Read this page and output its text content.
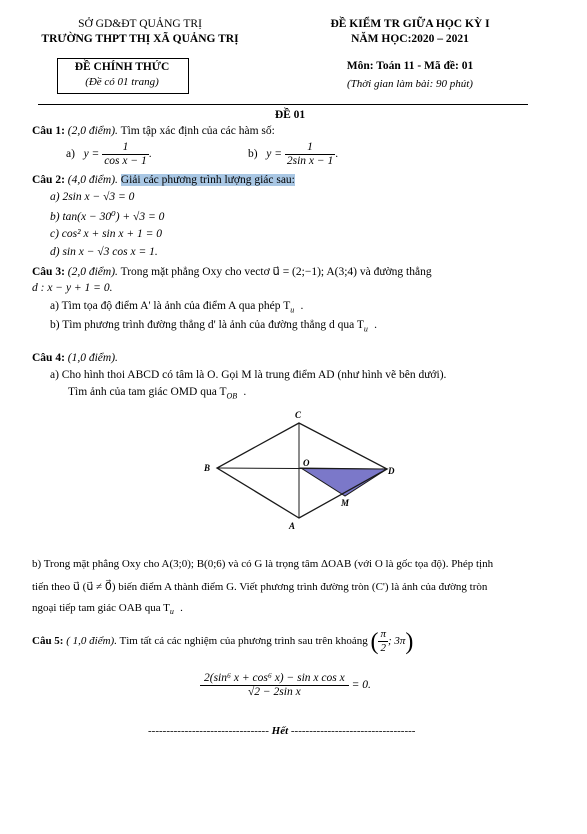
SỞ GD&ĐT QUẢNG TRỊ
TRƯỜNG THPT THỊ XÃ QUẢNG TRỊ
ĐỀ KIỂM TR GIỮA HỌC KỲ I
NĂM HỌC:2020 – 2021
ĐỀ CHÍNH THỨC
(Đề có 01 trang)
Môn: Toán 11 - Mã đề: 01
(Thời gian làm bài: 90 phút)
ĐỀ 01
Câu 1: (2,0 điểm). Tìm tập xác định của các hàm số:
a) $y = \frac{1}{\text{cos x − 1}}$ .	b) $y = \frac{1}{\text{2sin x − 1}}$ .
Câu 2: (4,0 điểm). Giải các phương trình lượng giác sau:
a) 2sin x − √3 = 0
b) tan(x − 30⁰) + √3 = 0
c) cos² x + sin x + 1 = 0
d) sin x − √3 cos x = 1.
Câu 3: (2,0 điểm). Trong mặt phẳng Oxy cho vectơ u⃗ = (2;−1); A(3;4) và đường thẳng
d : x − y + 1 = 0.
a) Tìm tọa độ điểm A' là ảnh của điểm A qua phép $T_{u⃗}$.
b) Tìm phương trình đường thẳng d' là ảnh của đường thẳng d qua $T_{u⃗}$.
Câu 4: (1,0 điểm).
a) Cho hình thoi ABCD có tâm là O. Gọi M là trung điểm AD (như hình vẽ bên dưới).
Tìm ảnh của tam giác OMD qua $T_{OB⃗}$.
C
B	O
D
M
A
b) Trong mặt phẳng Oxy cho A(3;0); B(0;6) và có G là trọng tâm ΔOAB (với O là gốc tọa độ). Phép tịnh
tiến theo u⃗ (u⃗ ≠ 0⃗) biến điểm A thành điểm G. Viết phương trình đường tròn (C') là ảnh của đường tròn
ngoại tiếp tam giác OAB qua $T_{u⃗}$.
Câu 5: ( 1,0 điểm). Tìm tất cả các nghiệm của phương trình sau trên khoảng ( $\frac{\pi}{2}$ ; 3π)
$\frac{\text{2(sin⁶ x + cos⁶ x) − sin x cos x}}{\text{√2 − 2sin x}} = 0$.
--------------------------------- Hết ----------------------------------
